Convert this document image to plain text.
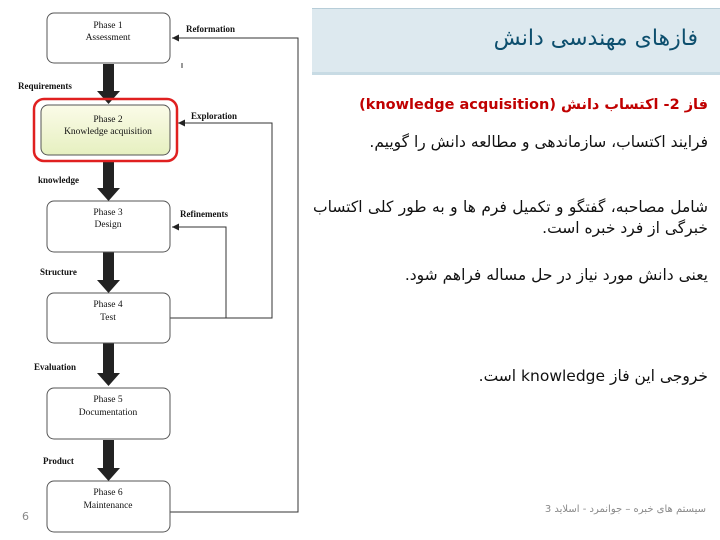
Phase 1
Assessment
Phase 2
Knowledge acquisition
Phase 3
Design
Phase 4
Test
Phase 5
Documentation
Phase 6
Maintenance
Requirements
knowledge
Structure
Evaluation
Product
Reformation
Exploration
Refinements
فازهای مهندسی دانش
فاز 2- اکتساب دانش (knowledge acquisition)
فرایند اکتساب، سازماندهی و مطالعه دانش را گوییم.
شامل مصاحبه، گفتگو و تکمیل فرم ها و به طور کلی اکتساب خبرگی از فرد خبره است.
یعنی دانش مورد نیاز در حل مساله فراهم شود.
خروجی این فاز knowledge است.
6
سیستم های خبره – جوانمرد - اسلاید 3
